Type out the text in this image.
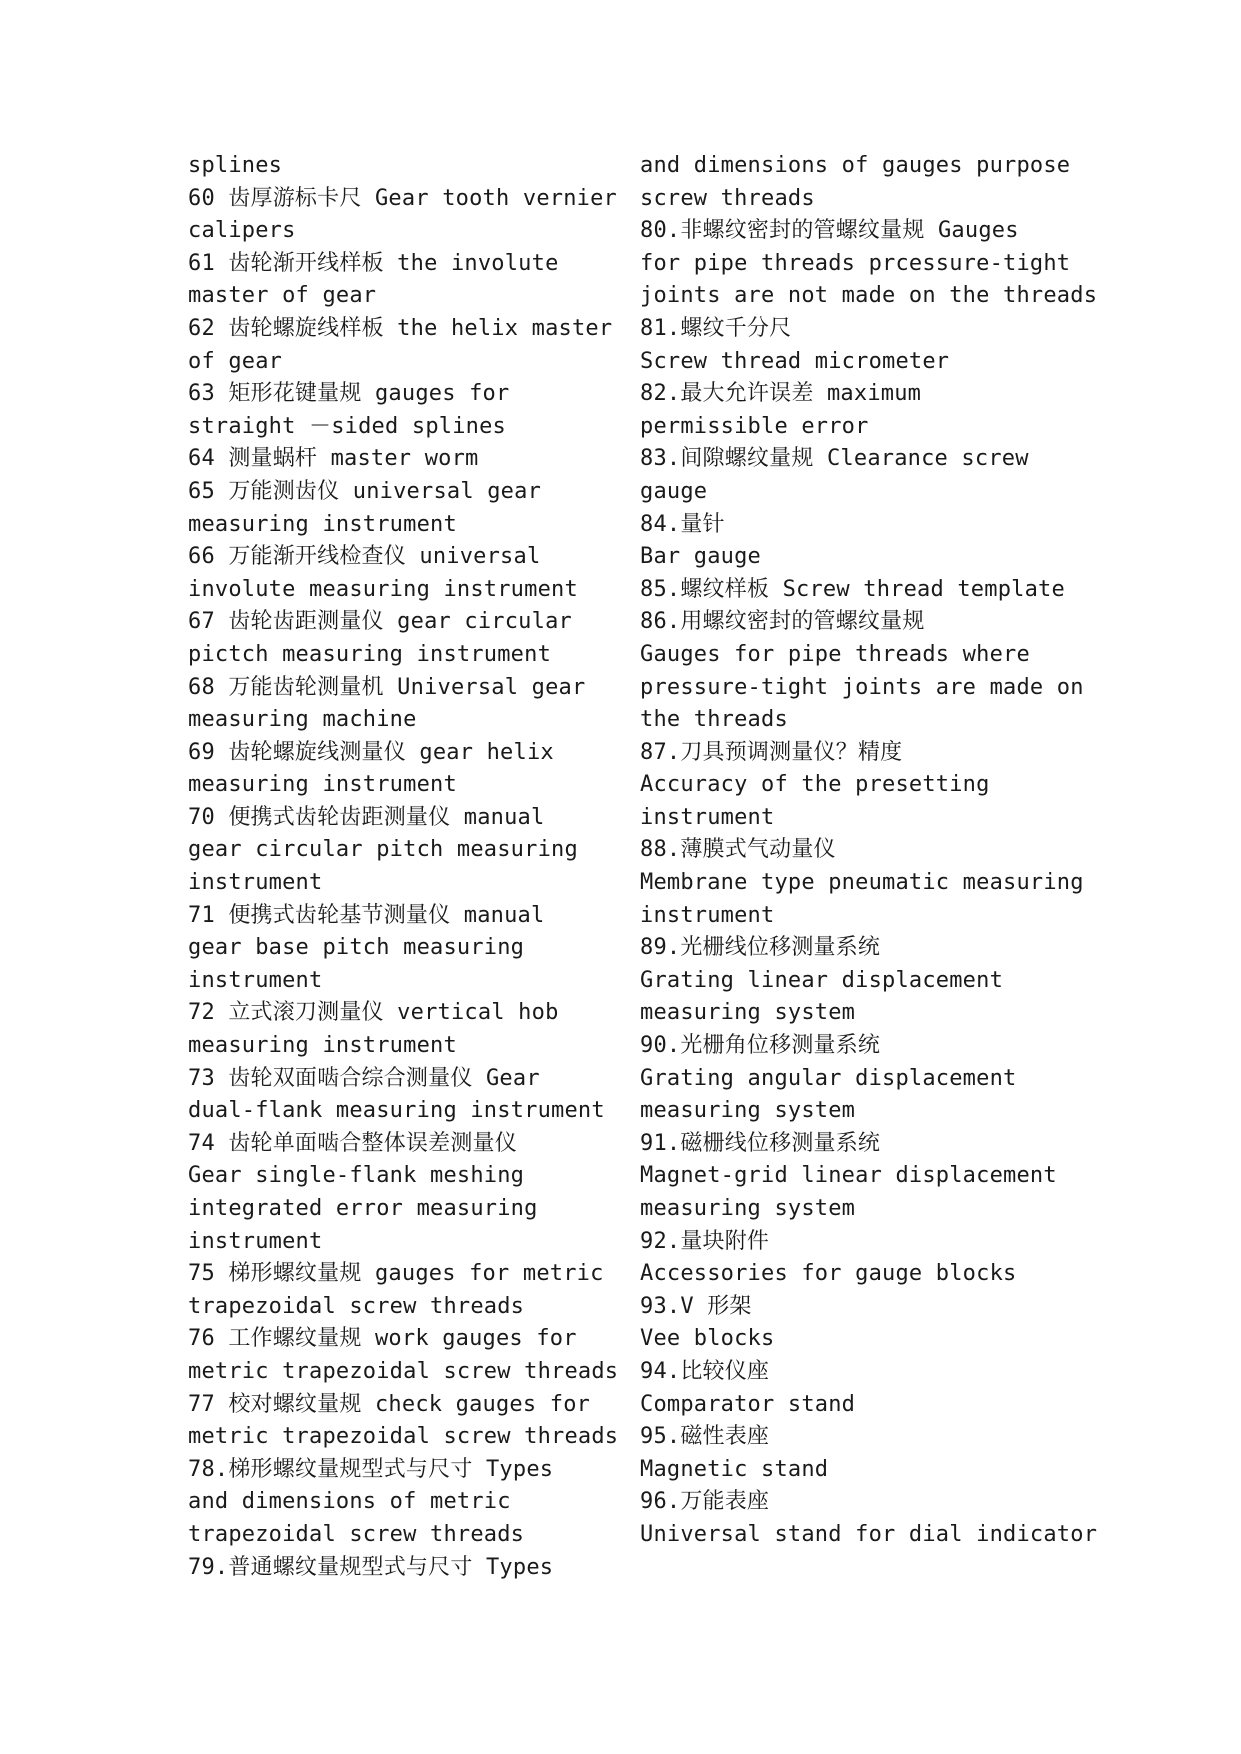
splines
60 齿厚游标卡尺 Gear tooth vernier
calipers
61 齿轮渐开线样板 the involute
master of gear
62 齿轮螺旋线样板 the helix master
of gear
63 矩形花键量规 gauges for
straight －sided splines
64 测量蜗杆 master worm
65 万能测齿仪 universal gear
measuring instrument
66 万能渐开线检查仪 universal
involute measuring instrument
67 齿轮齿距测量仪 gear circular
pictch measuring instrument
68 万能齿轮测量机 Universal gear
measuring machine
69 齿轮螺旋线测量仪 gear helix
measuring instrument
70 便携式齿轮齿距测量仪 manual
gear circular pitch measuring
instrument
71 便携式齿轮基节测量仪 manual
gear base pitch measuring
instrument
72 立式滚刀测量仪 vertical hob
measuring instrument
73 齿轮双面啮合综合测量仪 Gear
dual-flank measuring instrument
74 齿轮单面啮合整体误差测量仪
Gear single-flank meshing
integrated error measuring
instrument
75 梯形螺纹量规 gauges for metric
trapezoidal screw threads
76 工作螺纹量规 work gauges for
metric trapezoidal screw threads
77 校对螺纹量规 check gauges for
metric trapezoidal screw threads
78.梯形螺纹量规型式与尺寸 Types
and dimensions of metric
trapezoidal screw threads
79.普通螺纹量规型式与尺寸 Types
and dimensions of gauges purpose
screw threads
80.非螺纹密封的管螺纹量规 Gauges
for pipe threads prcessure-tight
joints are not made on the threads
81.螺纹千分尺
Screw thread micrometer
82.最大允许误差 maximum
permissible error
83.间隙螺纹量规 Clearance screw
gauge
84.量针
Bar gauge
85.螺纹样板 Screw thread template
86.用螺纹密封的管螺纹量规
Gauges for pipe threads where
pressure-tight joints are made on
the threads
87.刀具预调测量仪？精度
Accuracy of the presetting
instrument
88.薄膜式气动量仪
Membrane type pneumatic measuring
instrument
89.光栅线位移测量系统
Grating linear displacement
measuring system
90.光栅角位移测量系统
Grating angular displacement
measuring system
91.磁栅线位移测量系统
Magnet-grid linear displacement
measuring system
92.量块附件
Accessories for gauge blocks
93.V 形架
Vee blocks
94.比较仪座
Comparator stand
95.磁性表座
Magnetic stand
96.万能表座
Universal stand for dial indicator
